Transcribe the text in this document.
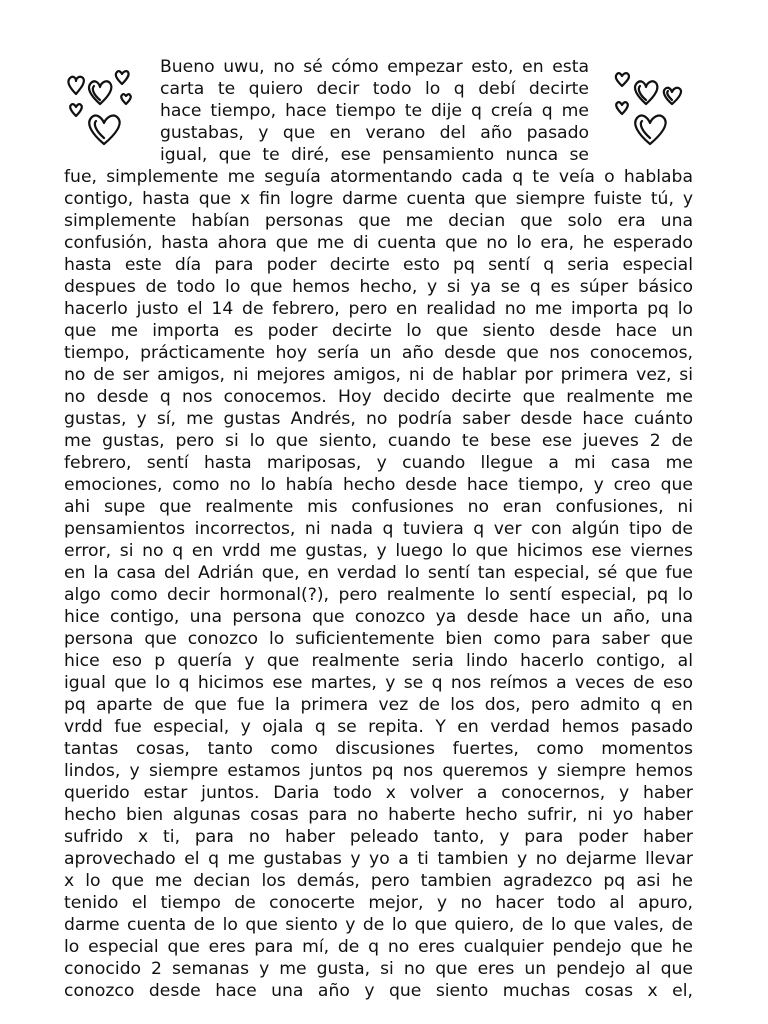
Bueno uwu, no sé cómo empezar esto, en esta
carta te quiero decir todo lo q debí decirte
hace tiempo, hace tiempo te dije q creía q me
gustabas, y que en verano del año pasado
igual, que te diré, ese pensamiento nunca se
fue, simplemente me seguía atormentando cada q te veía o hablaba
contigo, hasta que x fin logre darme cuenta que siempre fuiste tú, y
simplemente habían personas que me decian que solo era una
confusión, hasta ahora que me di cuenta que no lo era, he esperado
hasta este día para poder decirte esto pq sentí q seria especial
despues de todo lo que hemos hecho, y si ya se q es súper básico
hacerlo justo el 14 de febrero, pero en realidad no me importa pq lo
que me importa es poder decirte lo que siento desde hace un
tiempo, prácticamente hoy sería un año desde que nos conocemos,
no de ser amigos, ni mejores amigos, ni de hablar por primera vez, si
no desde q nos conocemos. Hoy decido decirte que realmente me
gustas, y sí, me gustas Andrés, no podría saber desde hace cuánto
me gustas, pero si lo que siento, cuando te bese ese jueves 2 de
febrero, sentí hasta mariposas, y cuando llegue a mi casa me
emociones, como no lo había hecho desde hace tiempo, y creo que
ahi supe que realmente mis confusiones no eran confusiones, ni
pensamientos incorrectos, ni nada q tuviera q ver con algún tipo de
error, si no q en vrdd me gustas, y luego lo que hicimos ese viernes
en la casa del Adrián que, en verdad lo sentí tan especial, sé que fue
algo como decir hormonal(?), pero realmente lo sentí especial, pq lo
hice contigo, una persona que conozco ya desde hace un año, una
persona que conozco lo suficientemente bien como para saber que
hice eso p quería y que realmente seria lindo hacerlo contigo, al
igual que lo q hicimos ese martes, y se q nos reímos a veces de eso
pq aparte de que fue la primera vez de los dos, pero admito q en
vrdd fue especial, y ojala q se repita. Y en verdad hemos pasado
tantas cosas, tanto como discusiones fuertes, como momentos
lindos, y siempre estamos juntos pq nos queremos y siempre hemos
querido estar juntos. Daria todo x volver a conocernos, y haber
hecho bien algunas cosas para no haberte hecho sufrir, ni yo haber
sufrido x ti, para no haber peleado tanto, y para poder haber
aprovechado el q me gustabas y yo a ti tambien y no dejarme llevar
x lo que me decian los demás, pero tambien agradezco pq asi he
tenido el tiempo de conocerte mejor, y no hacer todo al apuro,
darme cuenta de lo que siento y de lo que quiero, de lo que vales, de
lo especial que eres para mí, de q no eres cualquier pendejo que he
conocido 2 semanas y me gusta, si no que eres un pendejo al que
conozco desde hace una año y que siento muchas cosas x el,
